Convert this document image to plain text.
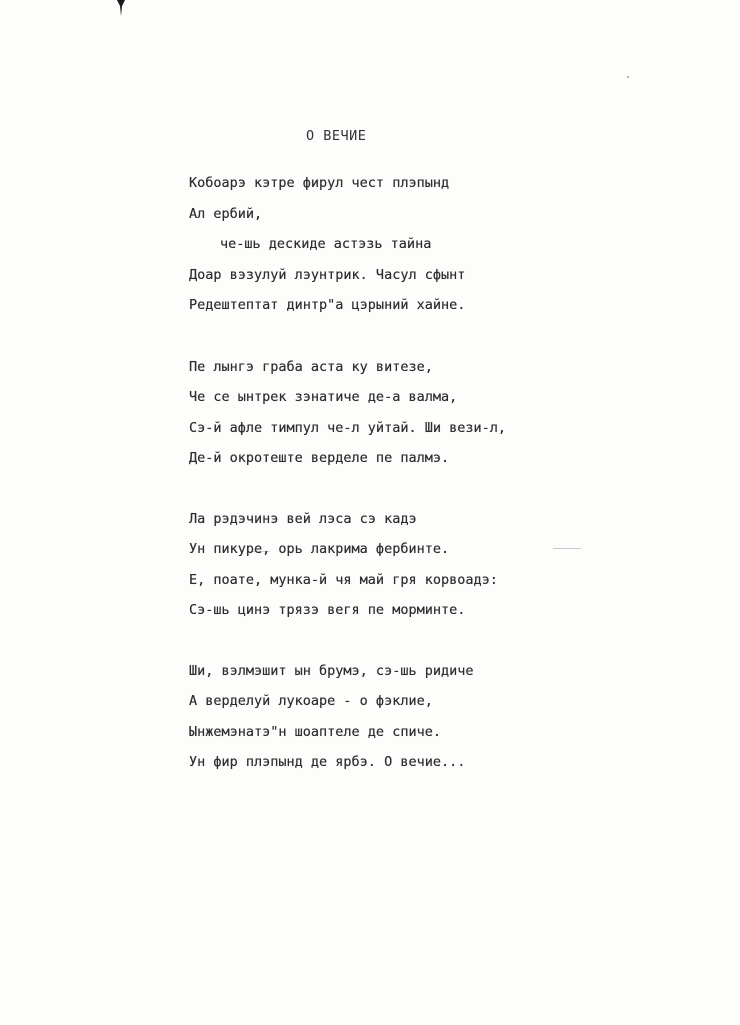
О ВЕЧИЕ
Кобоарэ кэтре фирул чест плэпынд
Ал ербий,
че-шь дескиде астэзь тайна
Доар вэзулуй лэунтрик. Часул сфынт
Редештептат динтр"а цэрыний хайне.
Пе лынгэ граба аста ку витезе,
Че се ынтрек зэнатиче де-а валма,
Сэ-й афле тимпул че-л уйтай. Ши вези-л,
Де-й окротеште верделе пе палмэ.
Ла рэдэчинэ вей лэса сэ кадэ
Ун пикуре, орь лакрима фербинте.
Е, поате, мунка-й чя май гря корвоадэ:
Сэ-шь цинэ трязэ вегя пе морминте.
Ши, вэлмэшит ын брумэ, сэ-шь ридиче
А верделуй лукоаре - о фэклие,
Ынжемэнатэ"н шоаптеле де спиче.
Ун фир плэпынд де ярбэ. О вечие...
